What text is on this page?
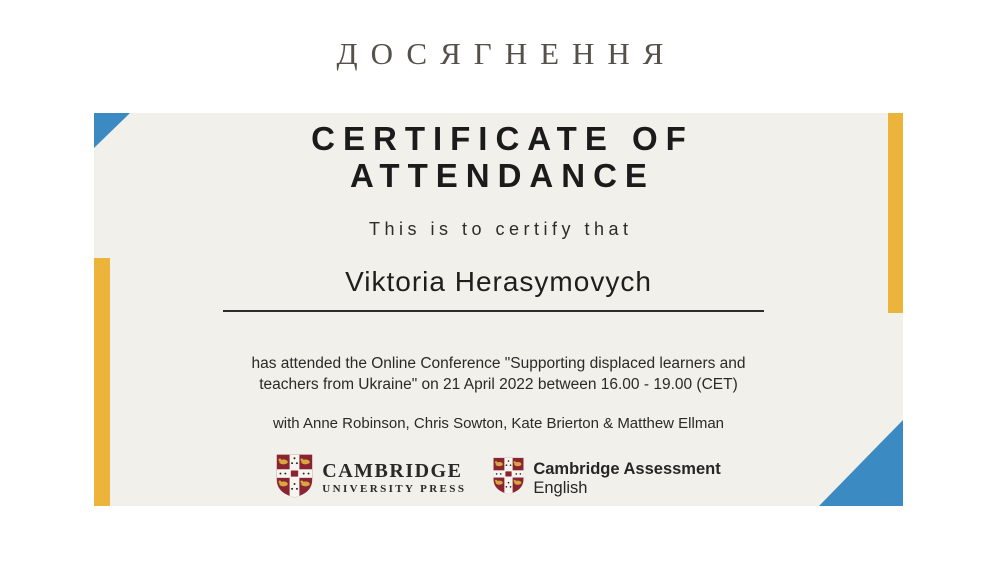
ДОСЯГНЕННЯ
CERTIFICATE OF
ATTENDANCE
This is to certify that
Viktoria Herasymovych
has attended the Online Conference "Supporting displaced learners and
teachers from Ukraine" on 21 April 2022 between 16.00 - 19.00 (CET)
with Anne Robinson, Chris Sowton, Kate Brierton & Matthew Ellman
CAMBRIDGE
UNIVERSITY PRESS
Cambridge Assessment
English
